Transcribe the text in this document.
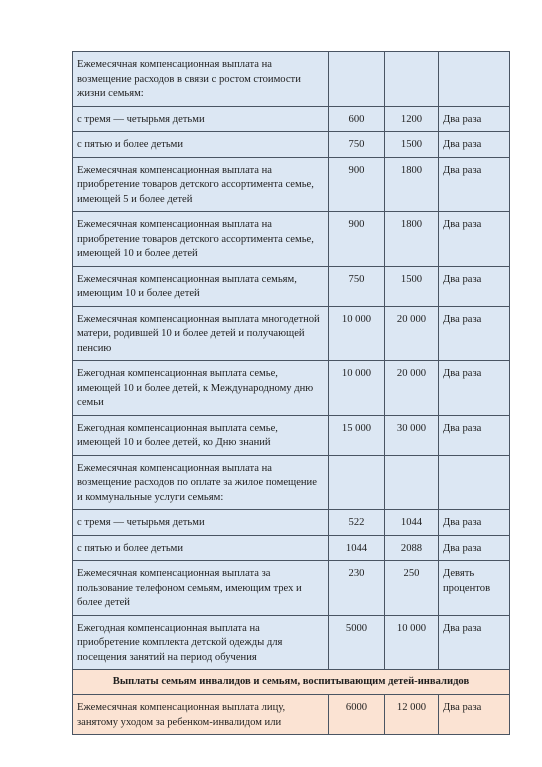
Ежемесячная компенсационная выплата на возмещение расходов в связи с ростом стоимости жизни семьям:			
с тремя — четырьмя детьми	600	1200	Два раза
с пятью и более детьми	750	1500	Два раза
Ежемесячная компенсационная выплата на приобретение товаров детского ассортимента семье, имеющей 5 и более детей	900	1800	Два раза
Ежемесячная компенсационная выплата на приобретение товаров детского ассортимента семье, имеющей 10 и более детей	900	1800	Два раза
Ежемесячная компенсационная выплата семьям, имеющим 10 и более детей	750	1500	Два раза
Ежемесячная компенсационная выплата многодетной матери, родившей 10 и более детей и получающей пенсию	10 000	20 000	Два раза
Ежегодная компенсационная выплата семье, имеющей 10 и более детей, к Международному дню семьи	10 000	20 000	Два раза
Ежегодная компенсационная выплата семье, имеющей 10 и более детей, ко Дню знаний	15 000	30 000	Два раза
Ежемесячная компенсационная выплата на возмещение расходов по оплате за жилое помещение и коммунальные услуги семьям:			
с тремя — четырьмя детьми	522	1044	Два раза
с пятью и более детьми	1044	2088	Два раза
Ежемесячная компенсационная выплата за пользование телефоном семьям, имеющим трех и более детей	230	250	Девять процентов
Ежегодная компенсационная выплата на приобретение комплекта детской одежды для посещения занятий на период обучения	5000	10 000	Два раза
Выплаты семьям инвалидов и семьям, воспитывающим детей-инвалидов			
Ежемесячная компенсационная выплата лицу, занятому уходом за ребенком-инвалидом или	6000	12 000	Два раза
